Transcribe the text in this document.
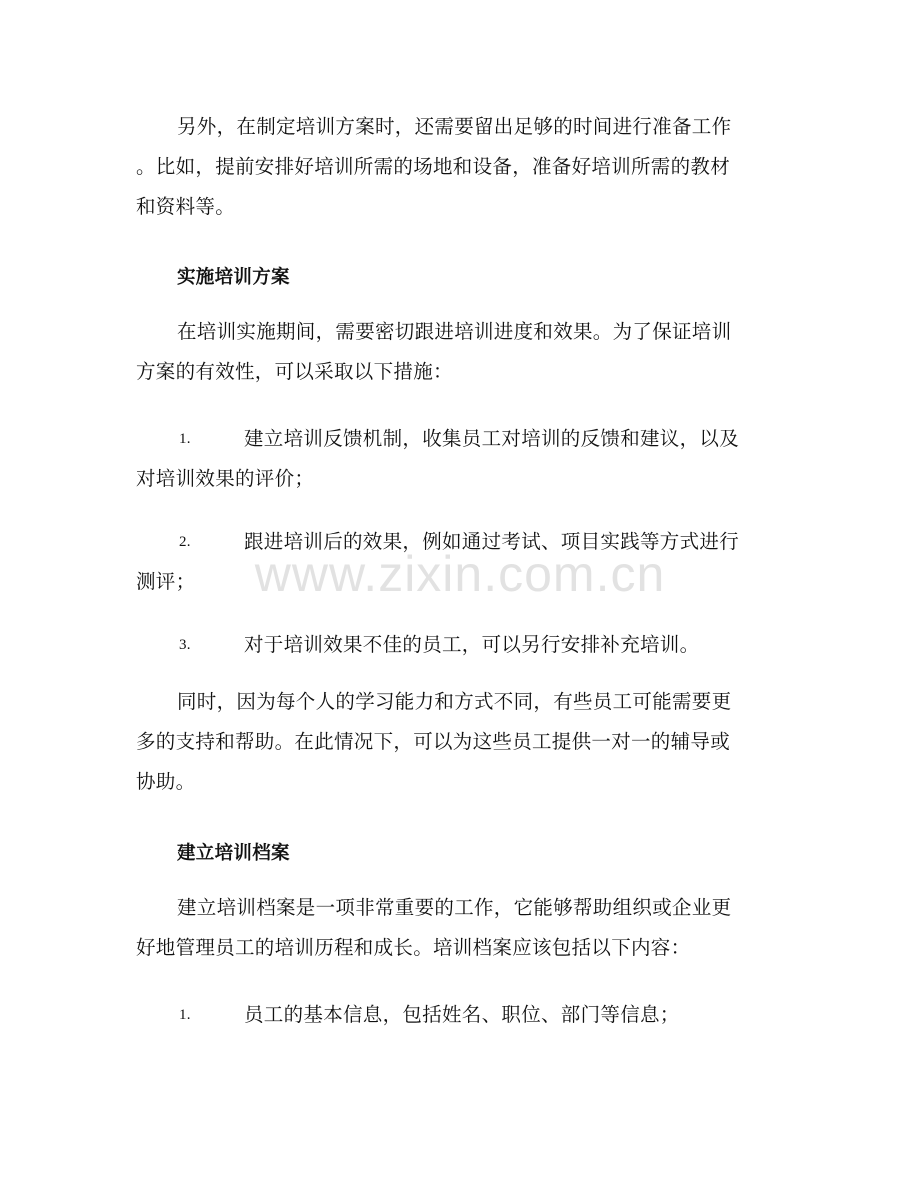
另外，在制定培训方案时，还需要留出足够的时间进行准备工作
。比如，提前安排好培训所需的场地和设备，准备好培训所需的教材
和资料等。
实施培训方案
在培训实施期间，需要密切跟进培训进度和效果。为了保证培训
方案的有效性，可以采取以下措施：
1.	建立培训反馈机制，收集员工对培训的反馈和建议，以及
对培训效果的评价；
2.	跟进培训后的效果，例如通过考试、项目实践等方式进行
测评；
3.	对于培训效果不佳的员工，可以另行安排补充培训。
同时，因为每个人的学习能力和方式不同，有些员工可能需要更
多的支持和帮助。在此情况下，可以为这些员工提供一对一的辅导或
协助。
建立培训档案
建立培训档案是一项非常重要的工作，它能够帮助组织或企业更
好地管理员工的培训历程和成长。培训档案应该包括以下内容：
1.	员工的基本信息，包括姓名、职位、部门等信息；
www.zixin.com.cn
